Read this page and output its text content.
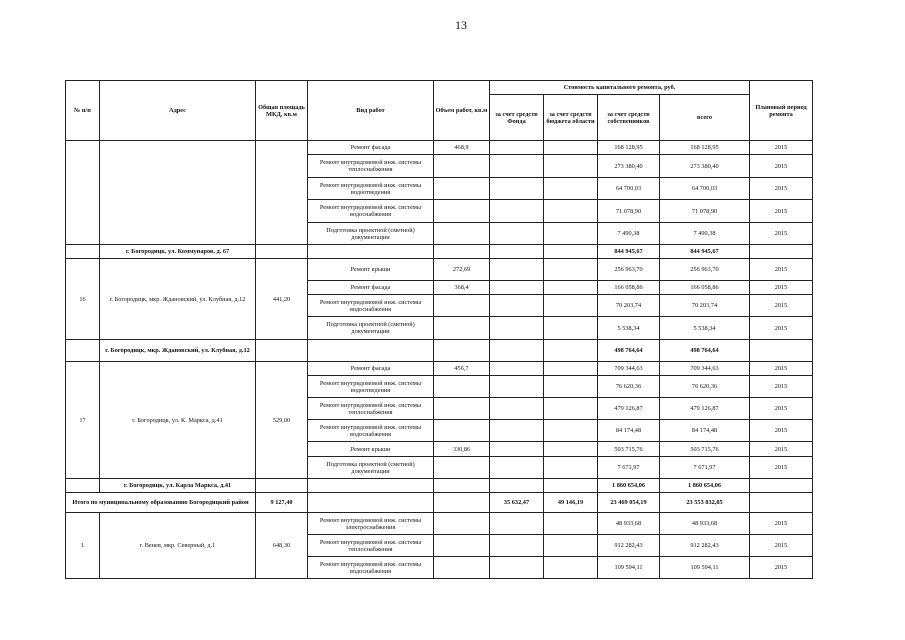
13
№ п/п	Адрес	Общая площадь МКД, кв.м	Вид работ	Объем работ, кв.м	Стоимость капитального ремонта, руб.				Плановый период ремонта
					за счет средств Фонда	за счет средств бюджета области	за счет средств собственников	всего	
			Ремонт фасада	468,9			168 128,95	168 128,95	2015
			Ремонт внутридомовой инж. системы теплоснабжения				273 380,40	273 380,40	2015
			Ремонт внутридомовой инж. системы водоотведения				64 700,03	64 700,03	2015
			Ремонт внутридомовой инж. системы водоснабжения				71 078,90	71 078,90	2015
			Подготовка проектной (сметной) документации				7 490,38	7 490,38	2015
	г. Богородицк, ул. Коммунаров, д. 67						844 945,67	844 945,67	
16	г. Богородицк, мкр. Ждановский, ул. Клубная, д.12	441,20	Ремонт крыши	272,69			256 963,70	256 963,70	2015
			Ремонт фасада	368,4			166 058,86	166 058,86	2015
			Ремонт внутридомовой инж. системы водоснабжения				70 203,74	70 203,74	2015
			Подготовка проектной (сметной) документации				5 538,34	5 538,34	2015
	г. Богородицк, мкр. Ждановский, ул. Клубная, д.12						498 764,64	498 764,64	
17	г. Богородицк, ул. К. Маркса, д.41	529,00	Ремонт фасада	456,7			709 344,63	709 344,63	2015
			Ремонт внутридомовой инж. системы водоотведения				76 620,36	76 620,36	2015
			Ремонт внутридомовой инж. системы теплоснабжения				479 126,87	479 126,87	2015
			Ремонт внутридомовой инж. системы водоснабжения				84 174,48	84 174,48	2015
			Ремонт крыши	330,86			503 715,76	503 715,76	2015
			Подготовка проектной (сметной) документации				7 671,97	7 671,97	2015
	г. Богородицк, ул. Карла Маркса, д.41						1 860 654,06	1 860 654,06	
Итого по муниципальному образованию Богородицкий район		9 127,40			35 632,47	49 146,19	23 469 054,19	23 553 832,85	
1	г. Венев, мкр. Северный, д.1	648,30	Ремонт внутридомовой инж. системы электроснабжения				48 933,68	48 933,68	2015
			Ремонт внутридомовой инж. системы теплоснабжения				912 282,43	912 282,43	2015
			Ремонт внутридомовой инж. системы водоснабжения				109 594,11	109 594,11	2015
